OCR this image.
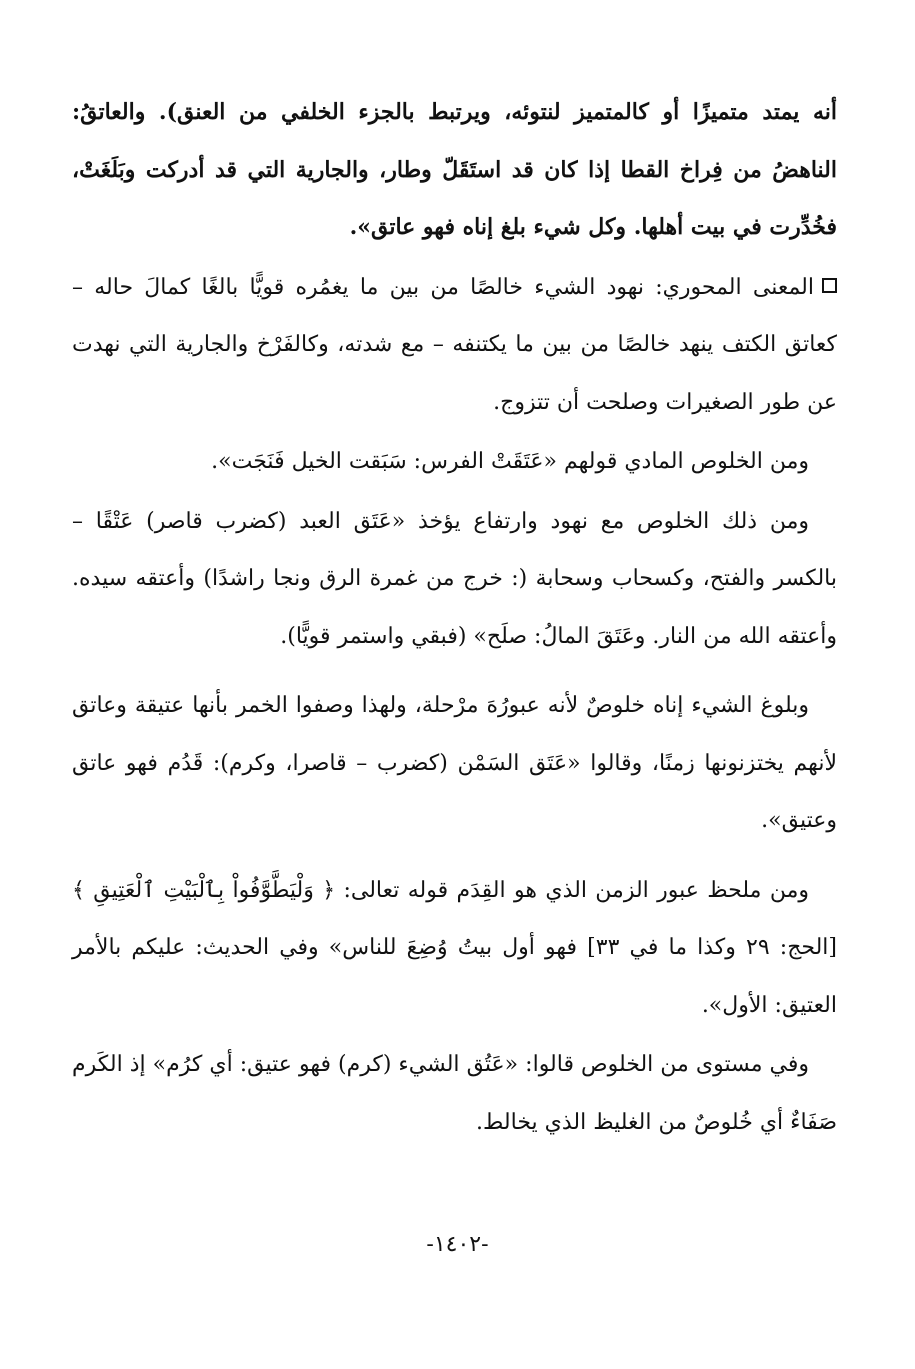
أنه يمتد متميزًا أو كالمتميز لنتوئه، ويرتبط بالجزء الخلفي من العنق). والعاتقُ: الناهضُ من فِراخ القطا إذا كان قد استَقَلّ وطار، والجارية التي قد أدركت وبَلَغَتْ، فخُدِّرت في بيت أهلها. وكل شيء بلغ إناه فهو عاتق».

المعنى المحوري: نهود الشيء خالصًا من بين ما يغمُره قويًّا بالغًا كمالَ حاله – كعاتق الكتف ينهد خالصًا من بين ما يكتنفه – مع شدته، وكالفَرْخ والجارية التي نهدت عن طور الصغيرات وصلحت أن تتزوج.

ومن الخلوص المادي قولهم «عَتَقَتْ الفرس: سَبَقت الخيل فَنَجَت».

ومن ذلك الخلوص مع نهود وارتفاع يؤخذ «عَتَق العبد (كضرب قاصر) عَتْقًا – بالكسر والفتح، وكسحاب وسحابة (: خرج من غمرة الرق ونجا راشدًا) وأعتقه سيده. وأعتقه الله من النار. وعَتَقَ المالُ: صلَح» (فبقي واستمر قويًّا).

وبلوغ الشيء إناه خلوصٌ لأنه عبورُهَ مرْحلة، ولهذا وصفوا الخمر بأنها عتيقة وعاتق لأنهم يختزنونها زمنًا، وقالوا «عَتَق السَمْن (كضرب – قاصرا، وكرم): قَدُم فهو عاتق وعتيق».

ومن ملحظ عبور الزمن الذي هو القِدَم قوله تعالى: ﴿ وَلْيَطَّوَّفُواْ بِٱلْبَيْتِ ٱلْعَتِيقِ ﴾ [الحج: ٢٩ وكذا ما في ٣٣] فهو أول بيتُ وُضِعَ للناس» وفي الحديث: عليكم بالأمر العتيق: الأول».

وفي مستوى من الخلوص قالوا: «عَتُق الشيء (كرم) فهو عتيق: أي كرُم» إذ الكَرم صَفَاءٌ أي خُلوصٌ من الغليظ الذي يخالط.

-١٤٠٢-
